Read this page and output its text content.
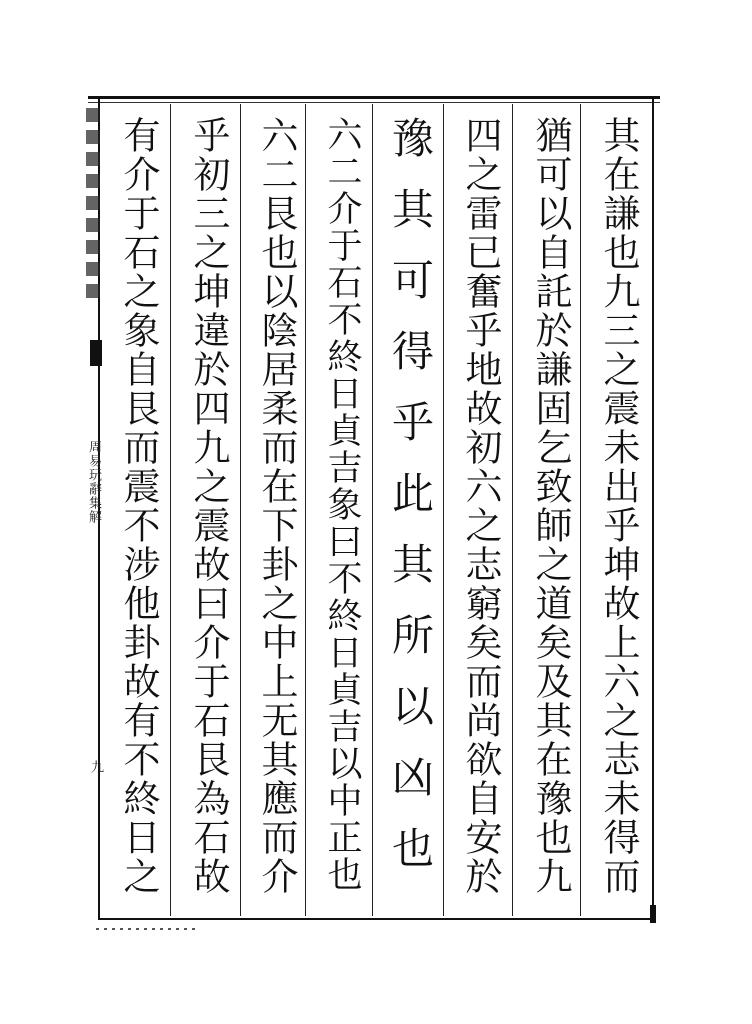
周易玩辭集解
九	其在謙也九三之震未出乎坤故上六之志未得而
猶可以自託於謙固乞致師之道矣及其在豫也九
四之雷已奮乎地故初六之志窮矣而尚欲自安於
豫其可得乎此其所以凶也
六二介于石不終日貞吉象曰不終日貞吉以中正也
六二艮也以陰居柔而在下卦之中上无其應而介
乎初三之坤違於四九之震故曰介于石艮為石故
有介于石之象自艮而震不涉他卦故有不終日之
